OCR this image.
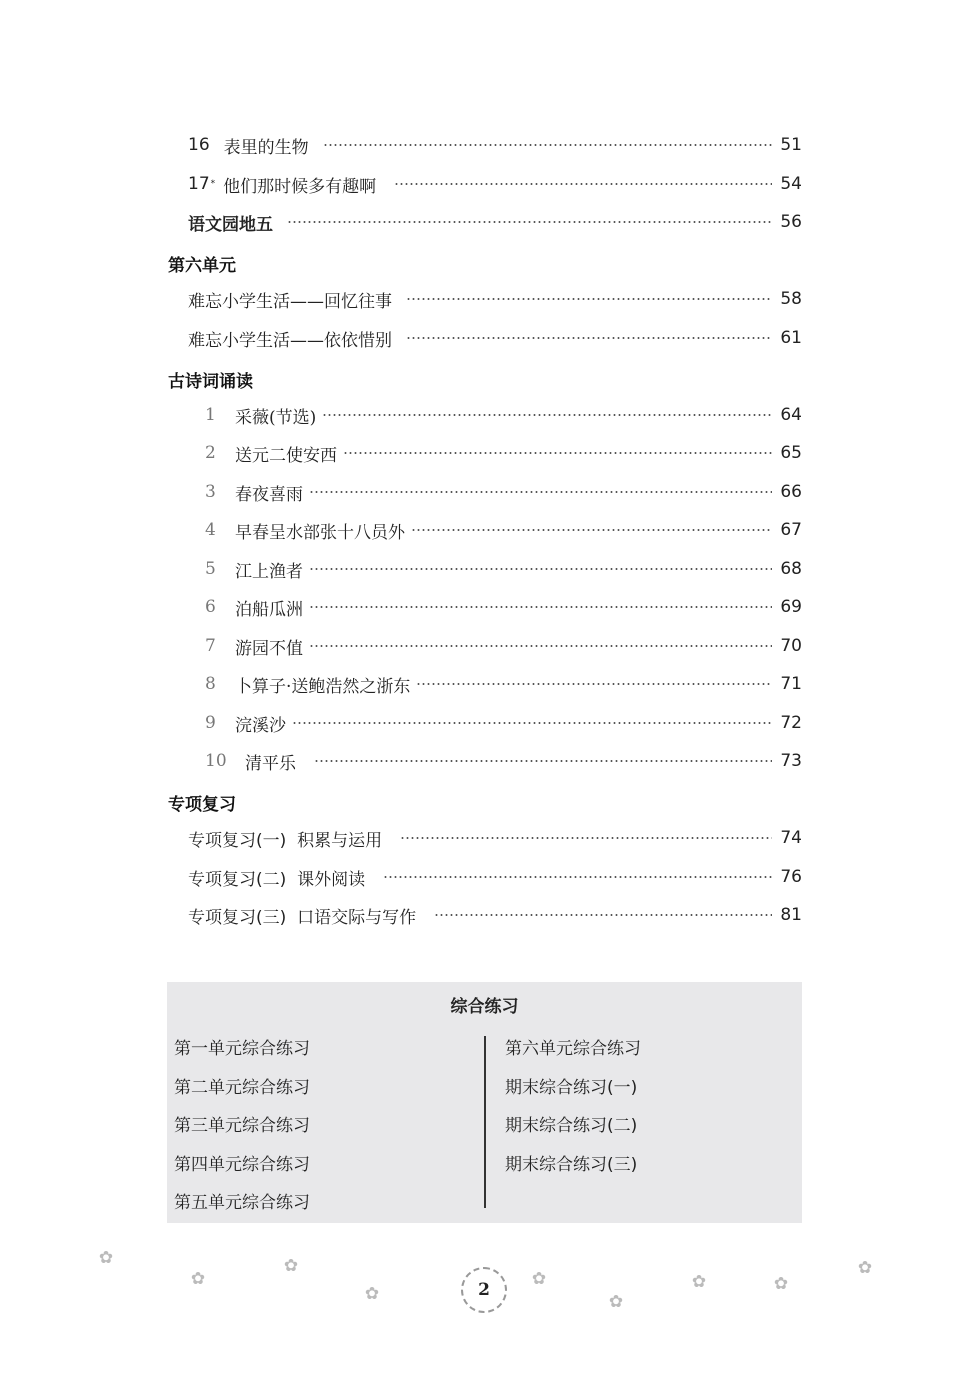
16 表里的生物	51
17 * 他们那时候多有趣啊	54
语文园地五	56
第六单元
难忘小学生活——回忆往事	58
难忘小学生活——依依惜别	61
古诗词诵读
1	采薇(节选)	64
2	送元二使安西	65
3	春夜喜雨	66
4	早春呈水部张十八员外	67
5	江上渔者	68
6	泊船瓜洲	69
7	游园不值	70
8	卜算子·送鲍浩然之浙东	71
9	浣溪沙	72
10	清平乐	73
专项复习
专项复习(一)  积累与运用	74
专项复习(二)  课外阅读	76
专项复习(三)  口语交际与写作	81
综合练习
第一单元综合练习
第二单元综合练习
第三单元综合练习
第四单元综合练习
第五单元综合练习
第六单元综合练习
期末综合练习(一)
期末综合练习(二)
期末综合练习(三)
✿
✿
✿
✿
✿
✿
✿	✿
✿
2
